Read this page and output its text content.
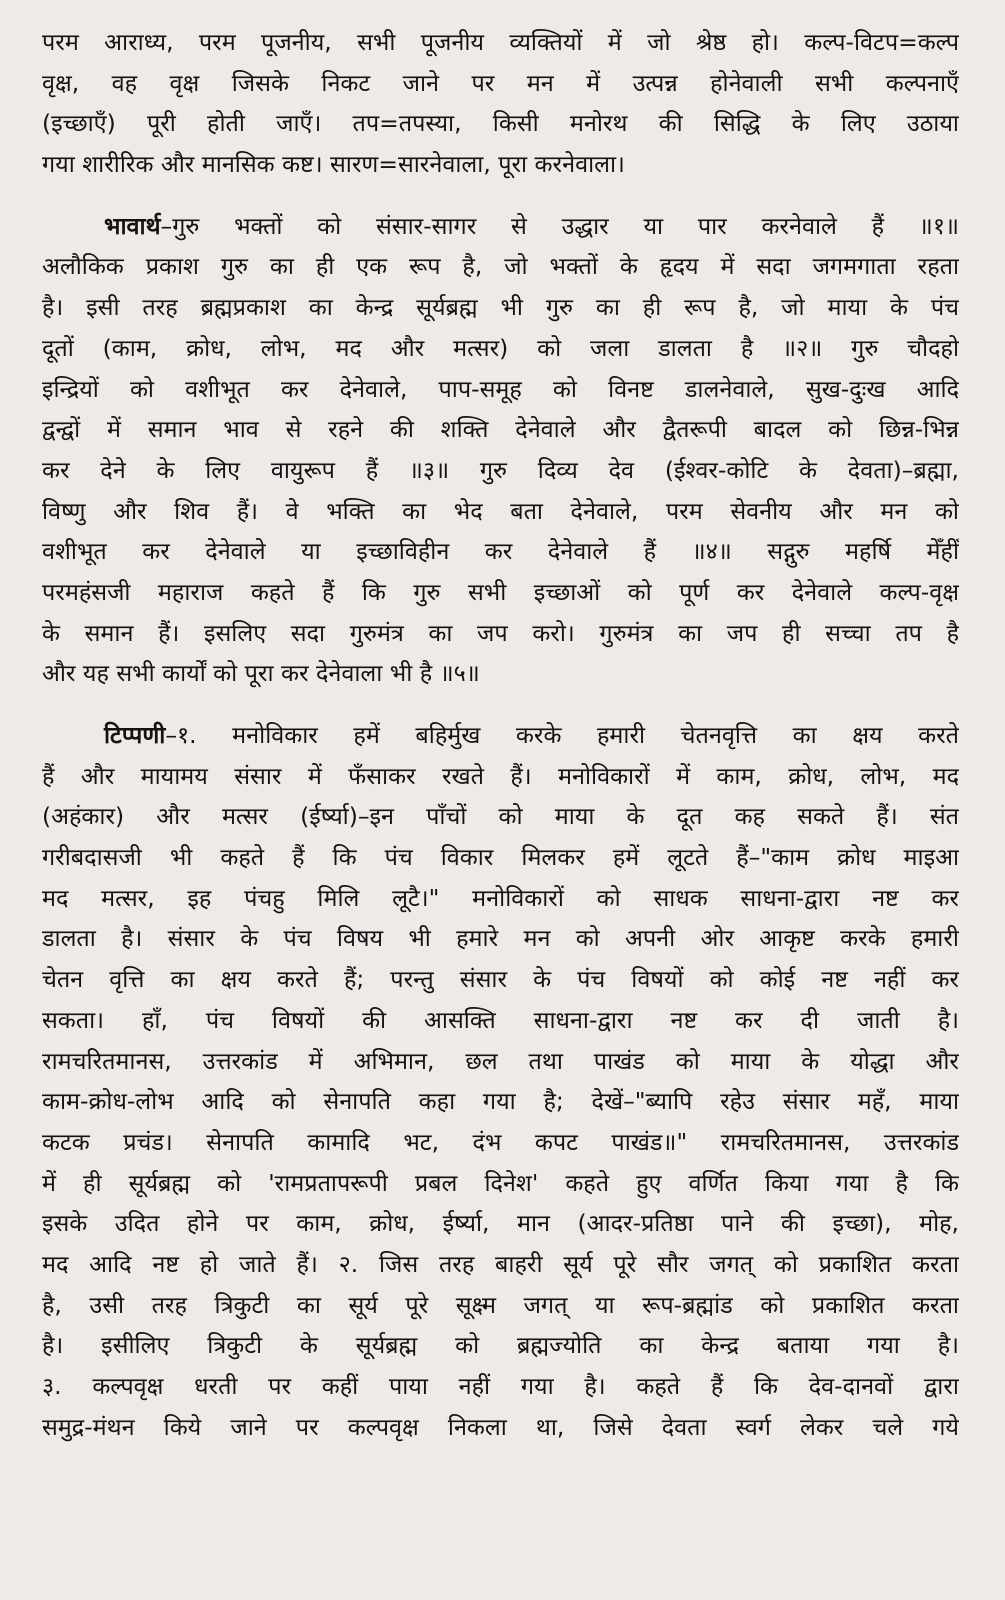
परम आराध्य, परम पूजनीय, सभी पूजनीय व्यक्तियों में जो श्रेष्ठ हो। कल्प-विटप=कल्प
वृक्ष, वह वृक्ष जिसके निकट जाने पर मन में उत्पन्न होनेवाली सभी कल्पनाएँ
(इच्छाएँ) पूरी होती जाएँ। तप=तपस्या, किसी मनोरथ की सिद्धि के लिए उठाया
गया शारीरिक और मानसिक कष्ट। सारण=सारनेवाला, पूरा करनेवाला।
भावार्थ–गुरु भक्तों को संसार-सागर से उद्धार या पार करनेवाले हैं ॥१॥
अलौकिक प्रकाश गुरु का ही एक रूप है, जो भक्तों के हृदय में सदा जगमगाता रहता
है। इसी तरह ब्रह्मप्रकाश का केन्द्र सूर्यब्रह्म भी गुरु का ही रूप है, जो माया के पंच
दूतों (काम, क्रोध, लोभ, मद और मत्सर) को जला डालता है ॥२॥ गुरु चौदहो
इन्द्रियों को वशीभूत कर देनेवाले, पाप-समूह को विनष्ट डालनेवाले, सुख-दुःख आदि
द्वन्द्वों में समान भाव से रहने की शक्ति देनेवाले और द्वैतरूपी बादल को छिन्न-भिन्न
कर देने के लिए वायुरूप हैं ॥३॥ गुरु दिव्य देव (ईश्वर-कोटि के देवता)–ब्रह्मा,
विष्णु और शिव हैं। वे भक्ति का भेद बता देनेवाले, परम सेवनीय और मन को
वशीभूत कर देनेवाले या इच्छाविहीन कर देनेवाले हैं ॥४॥ सद्गुरु महर्षि मेँहीँ
परमहंसजी महाराज कहते हैं कि गुरु सभी इच्छाओं को पूर्ण कर देनेवाले कल्प-वृक्ष
के समान हैं। इसलिए सदा गुरुमंत्र का जप करो। गुरुमंत्र का जप ही सच्चा तप है
और यह सभी कार्यों को पूरा कर देनेवाला भी है ॥५॥
टिप्पणी–१. मनोविकार हमें बहिर्मुख करके हमारी चेतनवृत्ति का क्षय करते
हैं और मायामय संसार में फँसाकर रखते हैं। मनोविकारों में काम, क्रोध, लोभ, मद
(अहंकार) और मत्सर (ईर्ष्या)–इन पाँचों को माया के दूत कह सकते हैं। संत
गरीबदासजी भी कहते हैं कि पंच विकार मिलकर हमें लूटते हैं–"काम क्रोध माइआ
मद मत्सर, इह पंचहु मिलि लूटै।" मनोविकारों को साधक साधना-द्वारा नष्ट कर
डालता है। संसार के पंच विषय भी हमारे मन को अपनी ओर आकृष्ट करके हमारी
चेतन वृत्ति का क्षय करते हैं; परन्तु संसार के पंच विषयों को कोई नष्ट नहीं कर
सकता। हाँ, पंच विषयों की आसक्ति साधना-द्वारा नष्ट कर दी जाती है।
रामचरितमानस, उत्तरकांड में अभिमान, छल तथा पाखंड को माया के योद्धा और
काम-क्रोध-लोभ आदि को सेनापति कहा गया है; देखें–"ब्यापि रहेउ संसार महँ, माया
कटक प्रचंड। सेनापति कामादि भट, दंभ कपट पाखंड॥" रामचरितमानस, उत्तरकांड
में ही सूर्यब्रह्म को 'रामप्रतापरूपी प्रबल दिनेश' कहते हुए वर्णित किया गया है कि
इसके उदित होने पर काम, क्रोध, ईर्ष्या, मान (आदर-प्रतिष्ठा पाने की इच्छा), मोह,
मद आदि नष्ट हो जाते हैं। २. जिस तरह बाहरी सूर्य पूरे सौर जगत् को प्रकाशित करता
है, उसी तरह त्रिकुटी का सूर्य पूरे सूक्ष्म जगत् या रूप-ब्रह्मांड को प्रकाशित करता
है। इसीलिए त्रिकुटी के सूर्यब्रह्म को ब्रह्मज्योति का केन्द्र बताया गया है।
३. कल्पवृक्ष धरती पर कहीं पाया नहीं गया है। कहते हैं कि देव-दानवों द्वारा
समुद्र-मंथन किये जाने पर कल्पवृक्ष निकला था, जिसे देवता स्वर्ग लेकर चले गये
